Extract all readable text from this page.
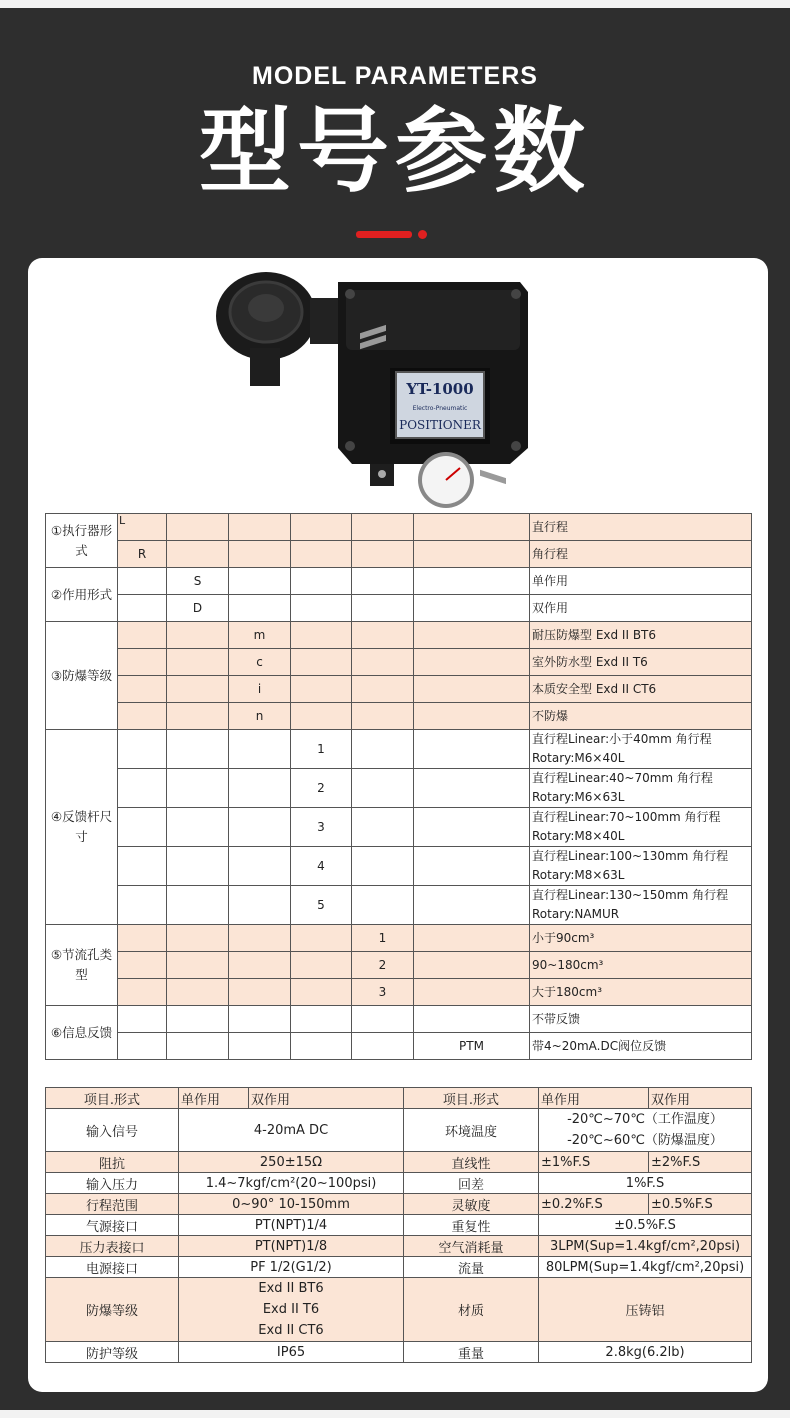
MODEL PARAMETERS
型号参数
YT-1000
Electro-Pneumatic
POSITIONER
①执行器形式	L						直行程
	R						角行程
②作用形式		S					单作用
		D					双作用
③防爆等级			m				耐压防爆型 Exd II BT6
			c				室外防水型 Exd II T6
			i				本质安全型 Exd II CT6
			n				不防爆
④反馈杆尺寸				1			直行程Linear:小于40mm 角行程Rotary:M6×40L
				2			直行程Linear:40~70mm 角行程Rotary:M6×63L
				3			直行程Linear:70~100mm 角行程Rotary:M8×40L
				4			直行程Linear:100~130mm 角行程Rotary:M8×63L
				5			直行程Linear:130~150mm 角行程Rotary:NAMUR
⑤节流孔类型					1		小于90cm³
					2		90~180cm³
					3		大于180cm³
⑥信息反馈							不带反馈
						PTM	带4~20mA.DC阀位反馈
项目.形式	单作用	双作用	项目.形式	单作用	双作用
输入信号	4-20mA DC		环境温度	-20℃~70℃（工作温度）
-20℃~60℃（防爆温度）	

阻抗	250±15Ω		直线性	±1%F.S	±2%F.S
输入压力	1.4~7kgf/cm²(20~100psi)		回差	1%F.S	
行程范围	0~90° 10-150mm		灵敏度	±0.2%F.S	±0.5%F.S
气源接口	PT(NPT)1/4		重复性	±0.5%F.S	
压力表接口	PT(NPT)1/8		空气消耗量	3LPM(Sup=1.4kgf/cm²,20psi)	
电源接口	PF 1/2(G1/2)		流量	80LPM(Sup=1.4kgf/cm²,20psi)	
防爆等级	Exd II BT6
Exd II T6
Exd II CT6		材质	压铸铝	
防护等级	IP65		重量	2.8kg(6.2lb)	
